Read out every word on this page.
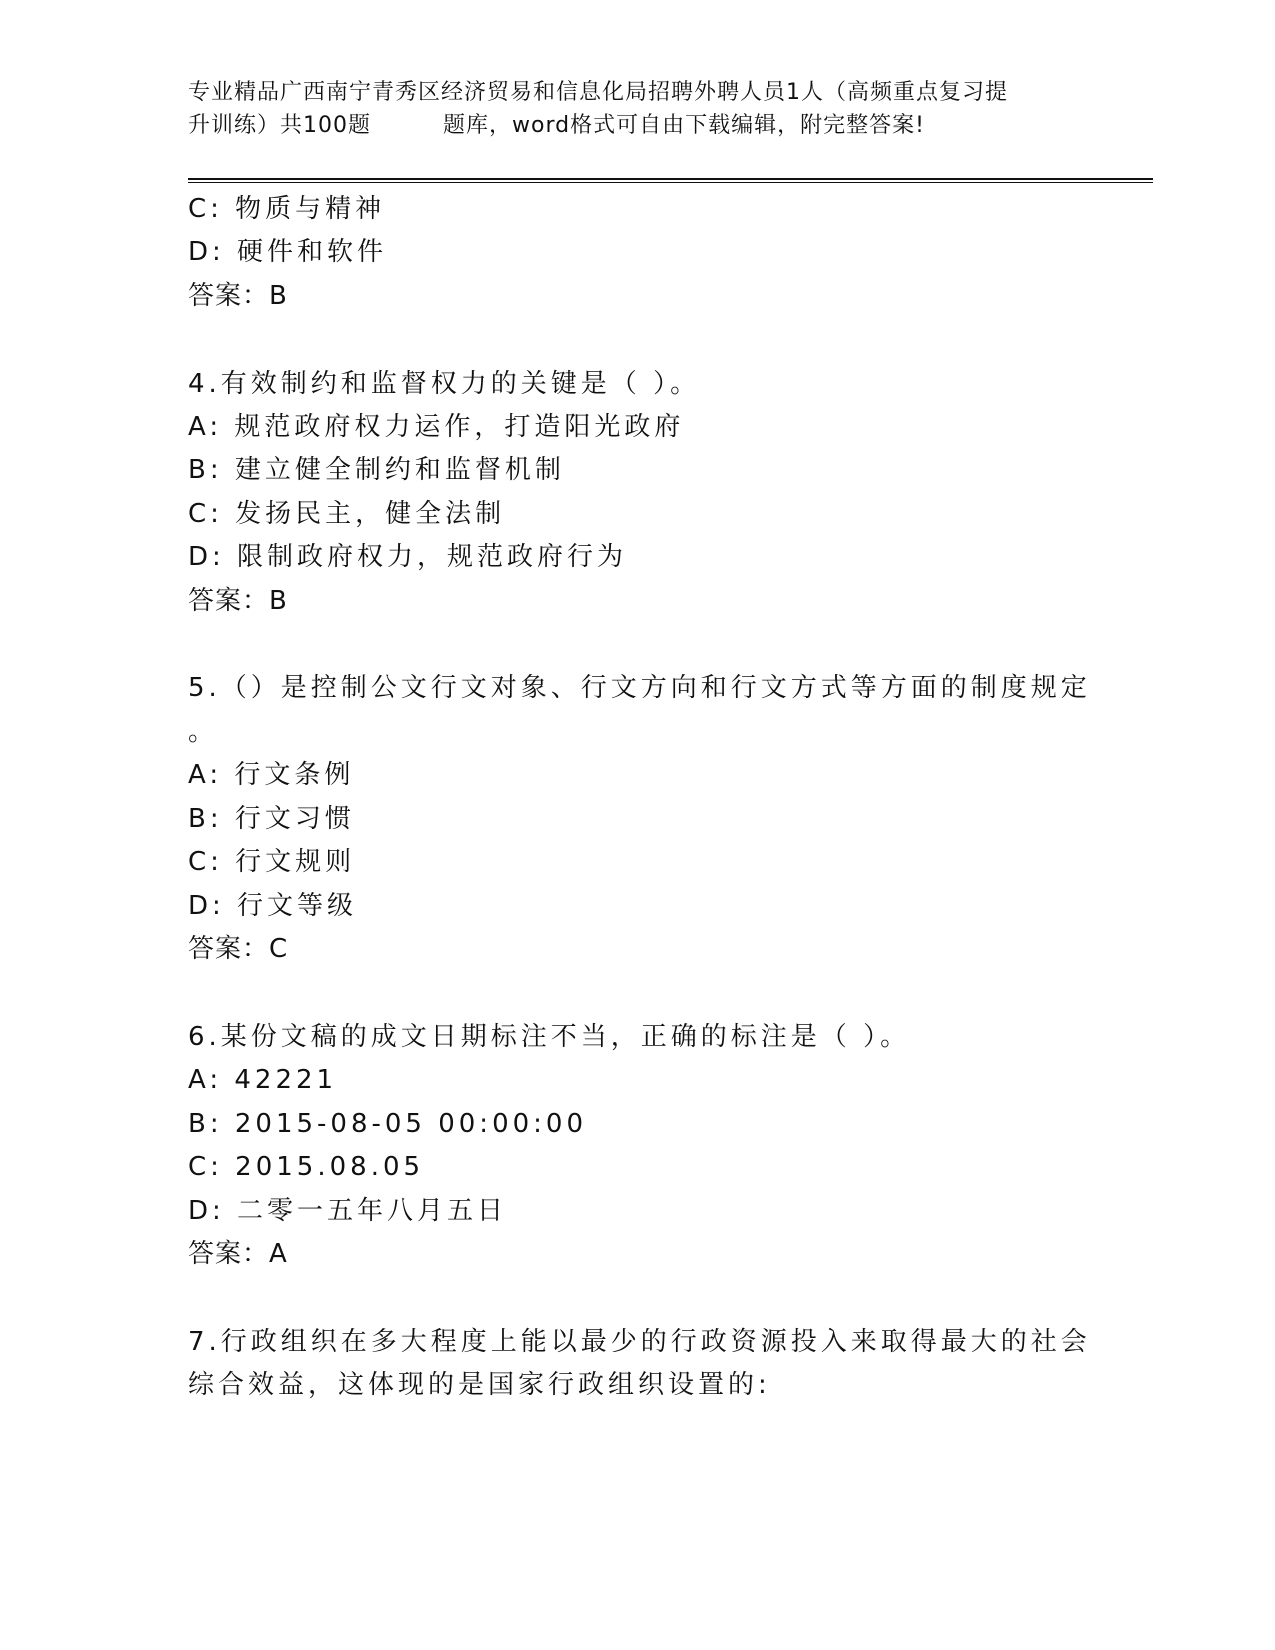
专业精品广西南宁青秀区经济贸易和信息化局招聘外聘人员1人（高频重点复习提
升训练）共100题	题库，word格式可自由下载编辑，附完整答案!
C: 物质与精神
D: 硬件和软件
答案：B
4.有效制约和监督权力的关键是（ ）。
A: 规范政府权力运作，打造阳光政府
B: 建立健全制约和监督机制
C: 发扬民主，健全法制
D: 限制政府权力，规范政府行为
答案：B
5.（）是控制公文行文对象、行文方向和行文方式等方面的制度规定
。
A: 行文条例
B: 行文习惯
C: 行文规则
D: 行文等级
答案：C
6.某份文稿的成文日期标注不当，正确的标注是（ ）。
A: 42221
B: 2015-08-05 00:00:00
C: 2015.08.05
D: 二零一五年八月五日
答案：A
7.行政组织在多大程度上能以最少的行政资源投入来取得最大的社会
综合效益，这体现的是国家行政组织设置的:
